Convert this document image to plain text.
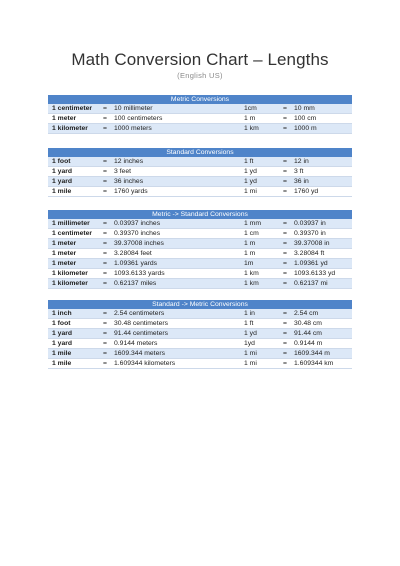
Math Conversion Chart – Lengths
(English US)
Metric Conversions
1 centimeter	=	10 millimeter	1cm	=	10 mm
1 meter	=	100 centimeters	1 m	=	100 cm
1 kilometer	=	1000 meters	1 km	=	1000 m
Standard Conversions
1 foot	=	12 inches	1 ft	=	12 in
1 yard	=	3 feet	1 yd	=	3 ft
1 yard	=	36 inches	1 yd	=	36 in
1 mile	=	1760 yards	1 mi	=	1760 yd
Metric -> Standard Conversions
1 millimeter	=	0.03937 inches	1 mm	=	0.03937 in
1 centimeter	=	0.39370 inches	1 cm	=	0.39370 in
1 meter	=	39.37008 inches	1 m	=	39.37008 in
1 meter	=	3.28084 feet	1 m	=	3.28084 ft
1 meter	=	1.09361 yards	1m	=	1.09361 yd
1 kilometer	=	1093.6133 yards	1 km	=	1093.6133 yd
1 kilometer	=	0.62137 miles	1 km	=	0.62137 mi
Standard -> Metric Conversions
1 inch	=	2.54 centimeters	1 in	=	2.54 cm
1 foot	=	30.48 centimeters	1 ft	=	30.48 cm
1 yard	=	91.44 centimeters	1 yd	=	91.44 cm
1 yard	=	0.9144 meters	1yd	=	0.9144 m
1 mile	=	1609.344 meters	1 mi	=	1609.344 m
1 mile	=	1.609344 kilometers	1 mi	=	1.609344 km
